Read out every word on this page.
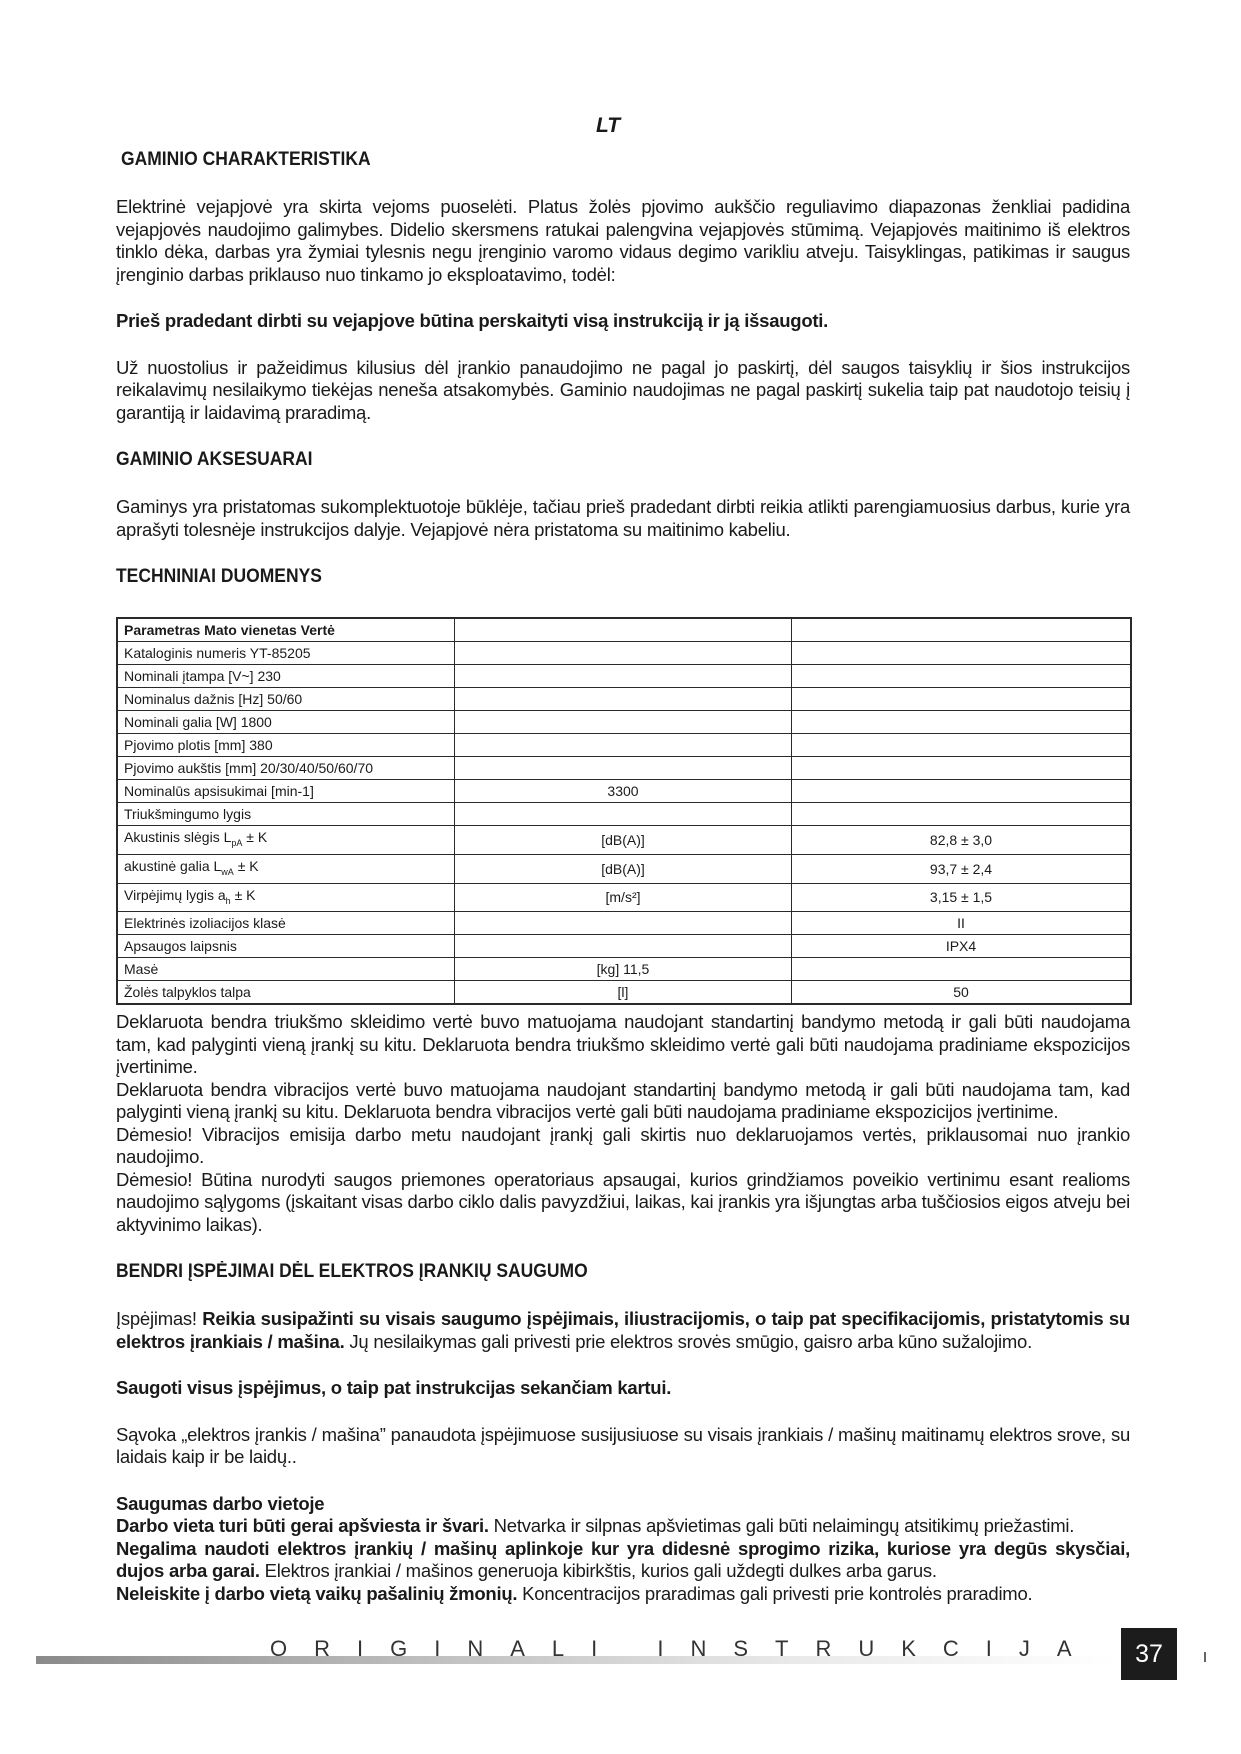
LT
GAMINIO CHARAKTERISTIKA

Elektrinė vejapjovė yra skirta vejoms puoselėti. Platus žolės pjovimo aukščio reguliavimo diapazonas ženkliai padidina vejapjovės naudojimo galimybes. Didelio skersmens ratukai palengvina vejapjovės stūmimą. Vejapjovės maitinimo iš elektros tinklo dėka, darbas yra žymiai tylesnis negu įrenginio varomo vidaus degimo varikliu atveju. Taisyklingas, patikimas ir saugus įrenginio darbas priklauso nuo tinkamo jo eksploatavimo, todėl:

Prieš pradedant dirbti su vejapjove būtina perskaityti visą instrukciją ir ją išsaugoti.

Už nuostolius ir pažeidimus kilusius dėl įrankio panaudojimo ne pagal jo paskirtį, dėl saugos taisyklių ir šios instrukcijos reikalavimų nesilaikymo tiekėjas neneša atsakomybės. Gaminio naudojimas ne pagal paskirtį sukelia taip pat naudotojo teisių į garantiją ir laidavimą praradimą.

GAMINIO AKSESUARAI

Gaminys yra pristatomas sukomplektuotoje būklėje, tačiau prieš pradedant dirbti reikia atlikti parengiamuosius darbus, kurie yra aprašyti tolesnėje instrukcijos dalyje. Vejapjovė nėra pristatoma su maitinimo kabeliu.

TECHNINIAI DUOMENYS
Parametras Mato vienetas Vertė		
Kataloginis numeris YT-85205		
Nominali įtampa [V~] 230		
Nominalus dažnis [Hz] 50/60		
Nominali galia [W] 1800		
Pjovimo plotis [mm] 380		
Pjovimo aukštis [mm] 20/30/40/50/60/70		
Nominalūs apsisukimai [min-1]	3300	
Triukšmingumo lygis		
Akustinis slėgis $L_{pA} \pm K$	[dB(A)]	82,8 ± 3,0
akustinė galia $L_{wA} \pm K$	[dB(A)]	93,7 ± 2,4
Virpėjimų lygis $a_h \pm K$	[m/s²]	3,15 ± 1,5
Elektrinės izoliacijos klasė		II
Apsaugos laipsnis		IPX4
Masė	[kg] 11,5	
Žolės talpyklos talpa	[l]	50

Deklaruota bendra triukšmo skleidimo vertė buvo matuojama naudojant standartinį bandymo metodą ir gali būti naudojama tam, kad palyginti vieną įrankį su kitu. Deklaruota bendra triukšmo skleidimo vertė gali būti naudojama pradiniame ekspozicijos įvertinime.

Deklaruota bendra vibracijos vertė buvo matuojama naudojant standartinį bandymo metodą ir gali būti naudojama tam, kad palyginti vieną įrankį su kitu. Deklaruota bendra vibracijos vertė gali būti naudojama pradiniame ekspozicijos įvertinime.

Dėmesio! Vibracijos emisija darbo metu naudojant įrankį gali skirtis nuo deklaruojamos vertės, priklausomai nuo įrankio naudojimo.

Dėmesio! Būtina nurodyti saugos priemones operatoriaus apsaugai, kurios grindžiamos poveikio vertinimu esant realioms naudojimo sąlygoms (įskaitant visas darbo ciklo dalis pavyzdžiui, laikas, kai įrankis yra išjungtas arba tuščiosios eigos atveju bei aktyvinimo laikas).

BENDRI ĮSPĖJIMAI DĖL ELEKTROS ĮRANKIŲ SAUGUMO

Įspėjimas! Reikia susipažinti su visais saugumo įspėjimais, iliustracijomis, o taip pat specifikacijomis, pristatytomis su elektros įrankiais / mašina. Jų nesilaikymas gali privesti prie elektros srovės smūgio, gaisro arba kūno sužalojimo.

Saugoti visus įspėjimus, o taip pat instrukcijas sekančiam kartui.

Sąvoka „elektros įrankis / mašina” panaudota įspėjimuose susijusiuose su visais įrankiais / mašinų maitinamų elektros srove, su laidais kaip ir be laidų..

Saugumas darbo vietoje

Darbo vieta turi būti gerai apšviesta ir švari. Netvarka ir silpnas apšvietimas gali būti nelaimingų atsitikimų priežastimi.

Negalima naudoti elektros įrankių / mašinų aplinkoje kur yra didesnė sprogimo rizika, kuriose yra degūs skysčiai, dujos arba garai. Elektros įrankiai / mašinos generuoja kibirkštis, kurios gali uždegti dulkes arba garus.

Neleiskite į darbo vietą vaikų pašalinių žmonių. Koncentracijos praradimas gali privesti prie kontrolės praradimo.

ORIGINALI INSTRUKCIJA	37
